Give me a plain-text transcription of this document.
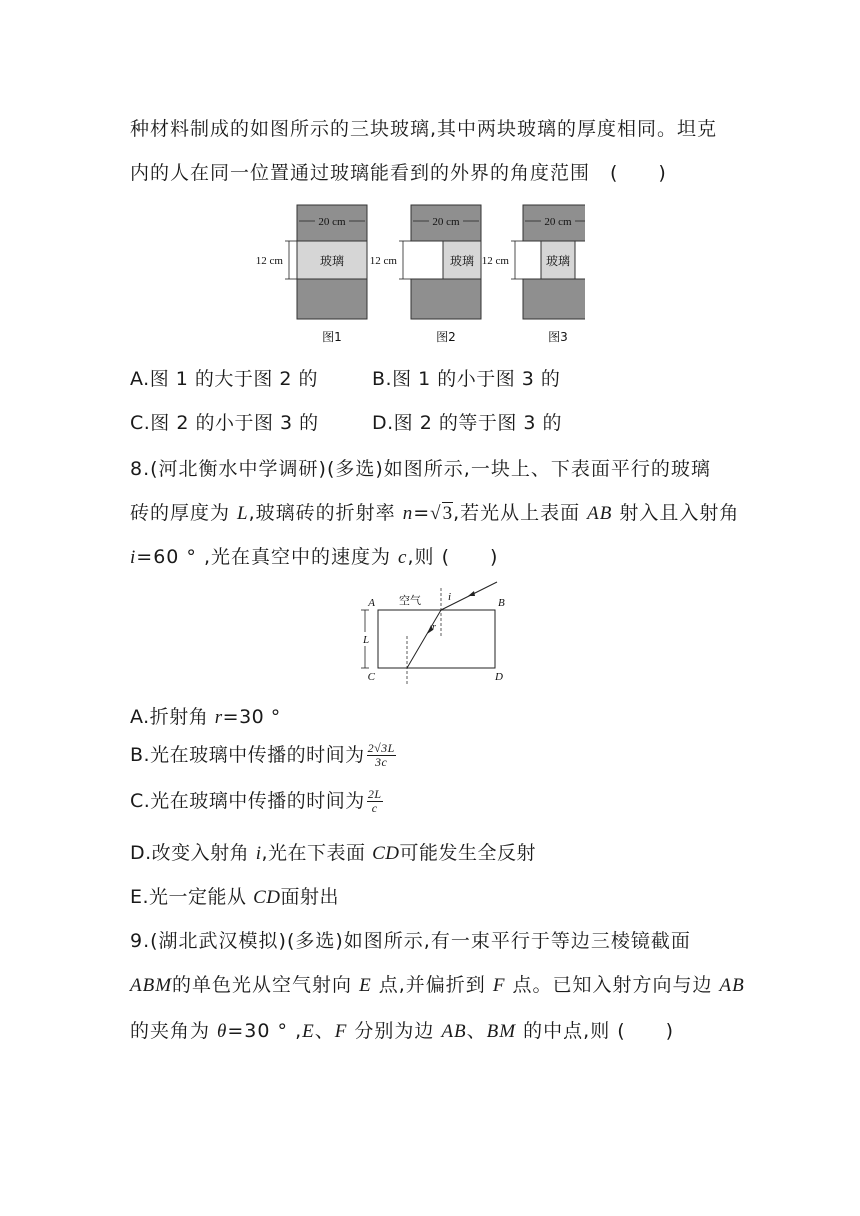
种材料制成的如图所示的三块玻璃,其中两块玻璃的厚度相同。坦克
内的人在同一位置通过玻璃能看到的外界的角度范围　(　　)
20 cm
玻璃
12 cm
图1
20 cm
玻璃
12 cm
图2
20 cm
玻璃
12 cm
图3
A.图 1 的大于图 2 的	B.图 1 的小于图 3 的
C.图 2 的小于图 3 的	D.图 2 的等于图 3 的
8.(河北衡水中学调研)(多选)如图所示,一块上、下表面平行的玻璃
砖的厚度为 L,玻璃砖的折射率 n=√3,若光从上表面 AB 射入且入射角
i=60 ° ,光在真空中的速度为 c,则 (　　)
L
A	B
C	D
空气 i
r
A.折射角 r=30 °
B.光在玻璃中传播的时间为 $\frac{2√3L}{3c}$
C.光在玻璃中传播的时间为 $\frac{2L}{c}$
D.改变入射角 i,光在下表面 CD可能发生全反射
E.光一定能从 CD面射出
9.(湖北武汉模拟)(多选)如图所示,有一束平行于等边三棱镜截面
ABM的单色光从空气射向 E 点,并偏折到 F 点。已知入射方向与边 AB
的夹角为 θ=30 ° ,E、F 分别为边 AB、BM 的中点,则 (　　)
